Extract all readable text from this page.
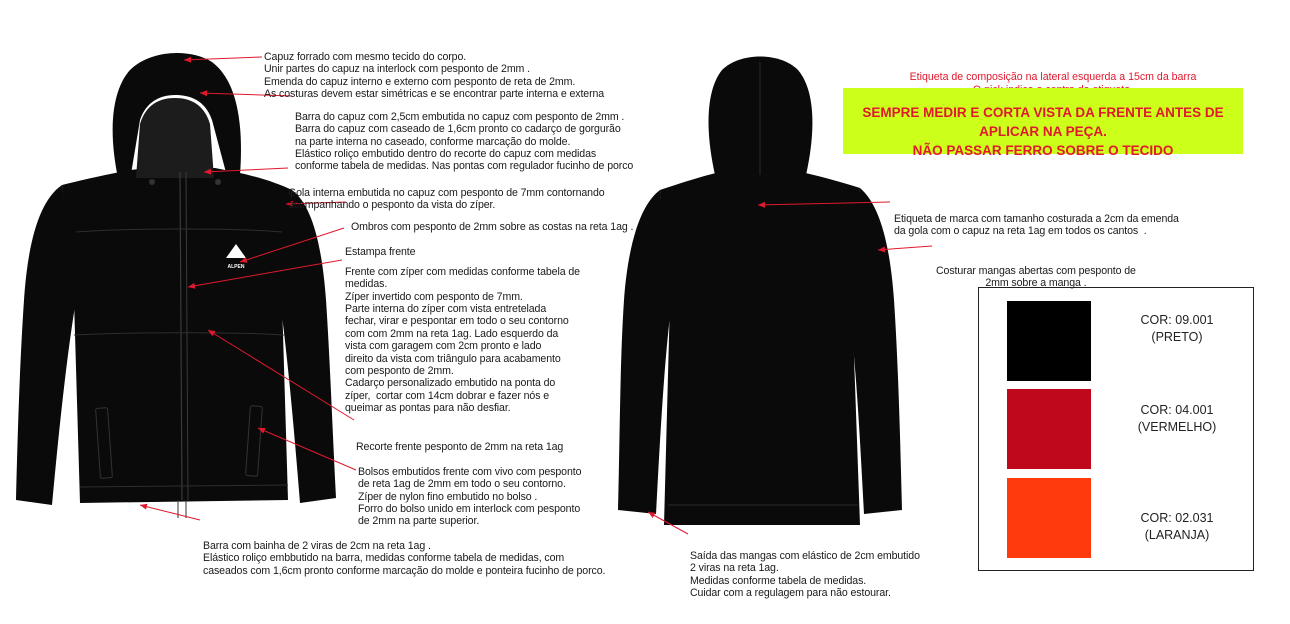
ALPEN

Capuz forrado com mesmo tecido do corpo.
Unir partes do capuz na interlock com pesponto de 2mm .
Emenda do capuz interno e externo com pesponto de reta de 2mm.
As costuras devem estar simétricas e se encontrar parte interna e externa

Barra do capuz com 2,5cm embutida no capuz com pesponto de 2mm .
Barra do capuz com caseado de 1,6cm pronto co cadarço de gorgurão
na parte interna no caseado, conforme marcação do molde.
Elástico roliço embutido dentro do recorte do capuz com medidas
conforme tabela de medidas. Nas pontas com regulador fucinho de porco

Gola interna embutida no capuz com pesponto de 7mm contornando
acompanhando o pesponto da vista do zíper.

Ombros com pesponto de 2mm sobre as costas na reta 1ag .

Estampa frente

Frente com zíper com medidas conforme tabela de
medidas.
Zíper invertido com pesponto de 7mm.
Parte interna do zíper com vista entretelada
fechar, virar e pespontar em todo o seu contorno
com com 2mm na reta 1ag. Lado esquerdo da
vista com garagem com 2cm pronto e lado
direito da vista com triângulo para acabamento
com pesponto de 2mm.
Cadarço personalizado embutido na ponta do
zíper,  cortar com 14cm dobrar e fazer nós e
queimar as pontas para não desfiar.

Recorte frente pesponto de 2mm na reta 1ag

Bolsos embutidos frente com vivo com pesponto
de reta 1ag de 2mm em todo o seu contorno.
Zíper de nylon fino embutido no bolso .
Forro do bolso unido em interlock com pesponto
de 2mm na parte superior.

Barra com bainha de 2 viras de 2cm na reta 1ag .
Elástico roliço embbutido na barra, medidas conforme tabela de medidas, com
caseados com 1,6cm pronto conforme marcação do molde e ponteira fucinho de porco.

Etiqueta de marca com tamanho costurada a 2cm da emenda
da gola com o capuz na reta 1ag em todos os cantos  .

Costurar mangas abertas com pesponto de
2mm sobre a manga .

Saída das mangas com elástico de 2cm embutido
2 viras na reta 1ag.
Medidas conforme tabela de medidas.
Cuidar com a regulagem para não estourar.

Etiqueta de composição na lateral esquerda a 15cm da barra

SEMPRE MEDIR E CORTA VISTA DA FRENTE ANTES DE APLICAR NA PEÇA.
NÃO PASSAR FERRO SOBRE O TECIDO
COR: 09.001
(PRETO)
COR: 04.001
(VERMELHO)
COR: 02.031
(LARANJA)
